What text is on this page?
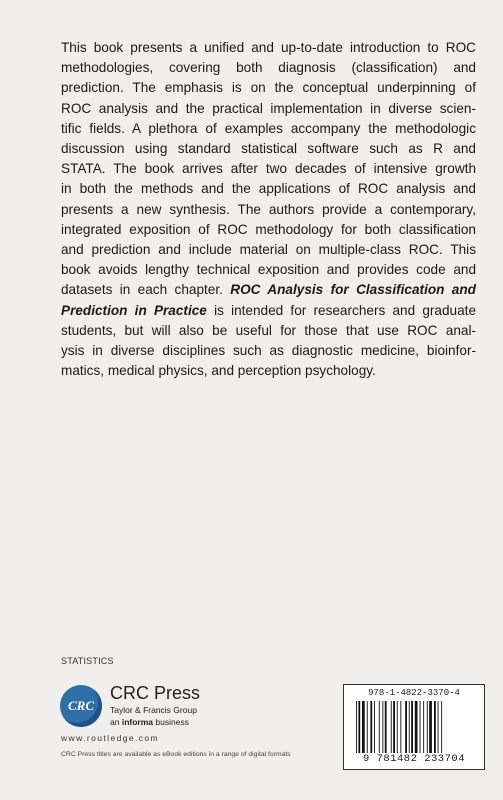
This book presents a unified and up-to-date introduction to ROC
methodologies, covering both diagnosis (classification) and
prediction. The emphasis is on the conceptual underpinning of
ROC analysis and the practical implementation in diverse scien-
tific fields. A plethora of examples accompany the methodologic
discussion using standard statistical software such as R and
STATA. The book arrives after two decades of intensive growth
in both the methods and the applications of ROC analysis and
presents a new synthesis. The authors provide a contemporary,
integrated exposition of ROC methodology for both classification
and prediction and include material on multiple-class ROC. This
book avoids lengthy technical exposition and provides code and
datasets in each chapter. ROC Analysis for Classification and
Prediction in Practice is intended for researchers and graduate
students, but will also be useful for those that use ROC anal-
ysis in diverse disciplines such as diagnostic medicine, bioinfor-
matics, medical physics, and perception psychology.
STATISTICS
CRC
CRC Press
Taylor & Francis Group
an informa business
www.routledge.com
CRC Press titles are available as eBook editions in a range of digital formats
978-1-4822-3370-4
9 781482 233704
